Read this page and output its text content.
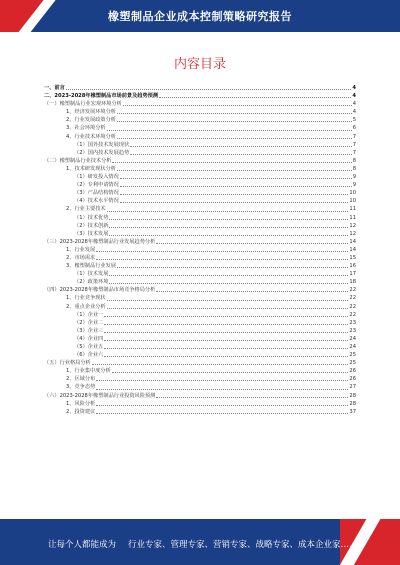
橡塑制品企业成本控制策略研究报告
内容目录
一、前言	4
二、2023-2028年橡塑制品市场前景及趋势预测	4
（一）橡塑制品行业宏观环境分析	4
1、经济发展环境分析	4
2、行业发展政策分析	5
3、社会环境分析	6
4、行业技术环境分析	7
（1）国外技术发展现状	7
（2）国内技术发展趋势	7
（二）橡塑制品行业技术分析	8
1、技术研发现状分析	8
（1）研发投入情况	9
（2）专利申请情况	9
（3）产品结构情况	10
（4）技术水平情况	10
2、行业主要技术	11
（1）技术优势	11
（2）技术创新	12
（3）技术发展	12
（三）2023-2028年橡塑制品行业发展趋势分析	14
1、行业发展	14
2、市场需求	15
3、橡塑制品行业发展	16
（1）技术发展	17
（2）政策环境	18
（四）2023-2028年橡塑制品市场竞争格局分析	22
1、行业竞争现状	22
2、重点企业分析	22
（1）企业一	22
（2）企业二	23
（3）企业三	23
（4）企业四	24
（5）企业五	24
（6）企业六	25
（五）行业格局分析	25
1、行业集中度分析	26
2、区域分布	26
3、竞争态势	27
（六）2023-2028年橡塑制品行业投资风险预测	28
1、风险分析	28
2、投资建议	37
让每个人都能成为 行业专家、管理专家、营销专家、战略专家、成本企业家……
